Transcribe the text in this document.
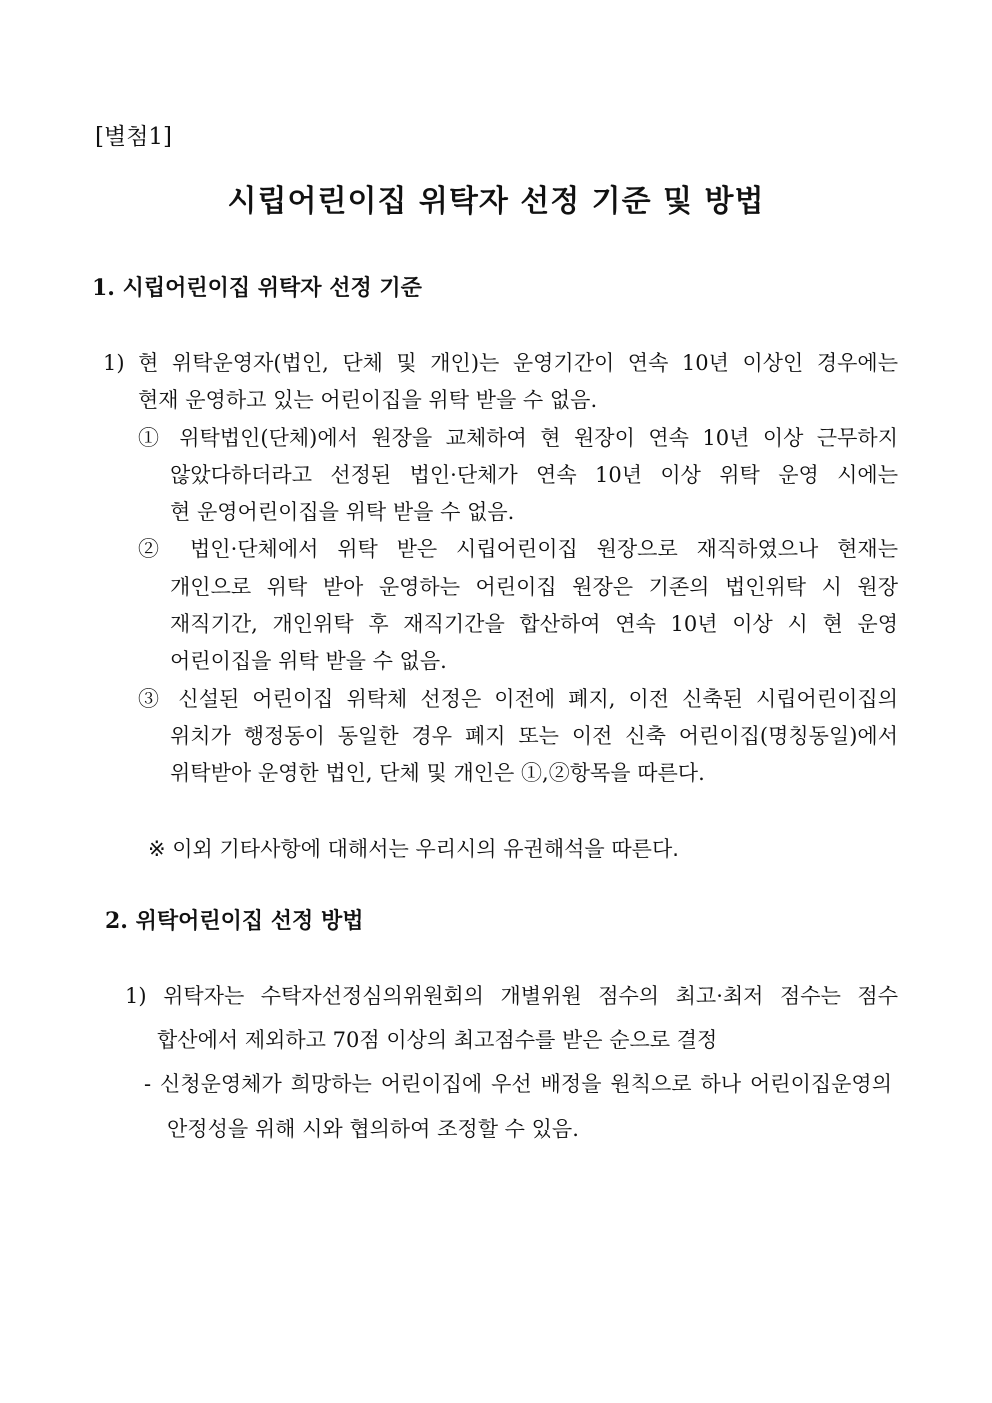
[별첨1]
시립어린이집 위탁자 선정 기준 및 방법
1. 시립어린이집 위탁자 선정 기준
1) 현 위탁운영자(법인, 단체 및 개인)는 운영기간이 연속 10년 이상인 경우에는
현재 운영하고 있는 어린이집을 위탁 받을 수 없음.
① 위탁법인(단체)에서 원장을 교체하여 현 원장이 연속 10년 이상 근무하지
않았다하더라고 선정된 법인·단체가 연속 10년 이상 위탁 운영 시에는
현 운영어린이집을 위탁 받을 수 없음.
② 법인·단체에서 위탁 받은 시립어린이집 원장으로 재직하였으나 현재는
개인으로 위탁 받아 운영하는 어린이집 원장은 기존의 법인위탁 시 원장
재직기간, 개인위탁 후 재직기간을 합산하여 연속 10년 이상 시 현 운영
어린이집을 위탁 받을 수 없음.
③ 신설된 어린이집 위탁체 선정은 이전에 폐지, 이전 신축된 시립어린이집의
위치가 행정동이 동일한 경우 폐지 또는 이전 신축 어린이집(명칭동일)에서
위탁받아 운영한 법인, 단체 및 개인은 ①,②항목을 따른다.
※ 이외 기타사항에 대해서는 우리시의 유권해석을 따른다.
2. 위탁어린이집 선정 방법
1) 위탁자는 수탁자선정심의위원회의 개별위원 점수의 최고·최저 점수는 점수
합산에서 제외하고 70점 이상의 최고점수를 받은 순으로 결정
- 신청운영체가 희망하는 어린이집에 우선 배정을 원칙으로 하나 어린이집운영의
안정성을 위해 시와 협의하여 조정할 수 있음.
